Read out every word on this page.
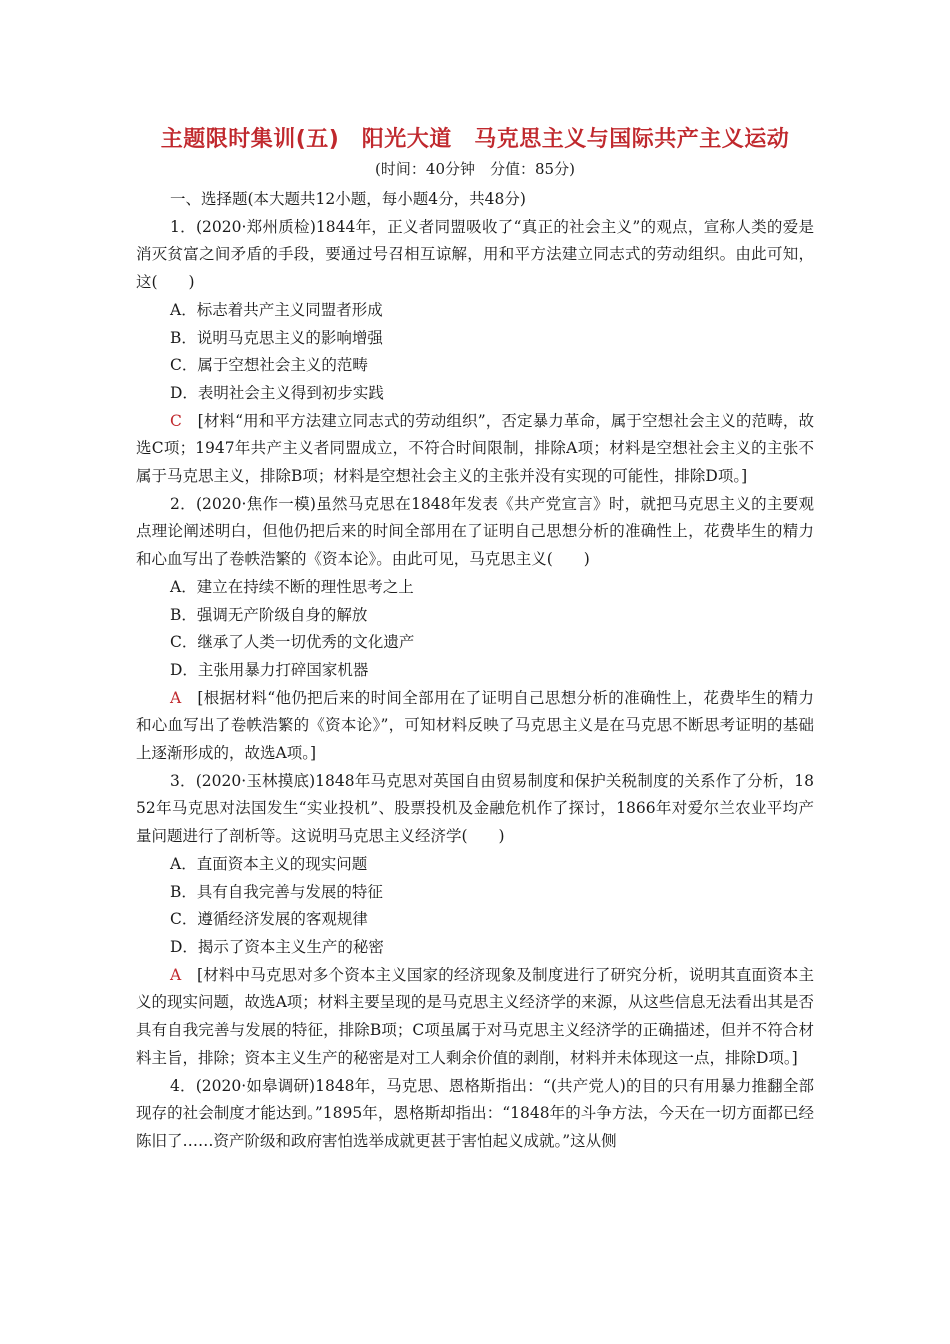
主题限时集训(五)　阳光大道　马克思主义与国际共产主义运动
(时间：40分钟　分值：85分)

一、选择题(本大题共12小题，每小题4分，共48分)

1．(2020·郑州质检)1844年，正义者同盟吸收了“真正的社会主义”的观点，宣称人类的爱是消灭贫富之间矛盾的手段，要通过号召相互谅解，用和平方法建立同志式的劳动组织。由此可知，这(　　)

A．标志着共产主义同盟者形成

B．说明马克思主义的影响增强

C．属于空想社会主义的范畴

D．表明社会主义得到初步实践

C　 [材料“用和平方法建立同志式的劳动组织”，否定暴力革命，属于空想社会主义的范畴，故选C项；1947年共产主义者同盟成立，不符合时间限制，排除A项；材料是空想社会主义的主张不属于马克思主义，排除B项；材料是空想社会主义的主张并没有实现的可能性，排除D项。]

2．(2020·焦作一模)虽然马克思在1848年发表《共产党宣言》时，就把马克思主义的主要观点理论阐述明白，但他仍把后来的时间全部用在了证明自己思想分析的准确性上，花费毕生的精力和心血写出了卷帙浩繁的《资本论》。由此可见，马克思主义(　　)

A．建立在持续不断的理性思考之上

B．强调无产阶级自身的解放

C．继承了人类一切优秀的文化遗产

D．主张用暴力打碎国家机器

A　 [根据材料“他仍把后来的时间全部用在了证明自己思想分析的准确性上，花费毕生的精力和心血写出了卷帙浩繁的《资本论》”，可知材料反映了马克思主义是在马克思不断思考证明的基础上逐渐形成的，故选A项。]

3．(2020·玉林摸底)1848年马克思对英国自由贸易制度和保护关税制度的关系作了分析，1852年马克思对法国发生“实业投机”、股票投机及金融危机作了探讨，1866年对爱尔兰农业平均产量问题进行了剖析等。这说明马克思主义经济学(　　)

A．直面资本主义的现实问题

B．具有自我完善与发展的特征

C．遵循经济发展的客观规律

D．揭示了资本主义生产的秘密

A　 [材料中马克思对多个资本主义国家的经济现象及制度进行了研究分析，说明其直面资本主义的现实问题，故选A项；材料主要呈现的是马克思主义经济学的来源，从这些信息无法看出其是否具有自我完善与发展的特征，排除B项；C项虽属于对马克思主义经济学的正确描述，但并不符合材料主旨，排除；资本主义生产的秘密是对工人剩余价值的剥削，材料并未体现这一点，排除D项。]

4．(2020·如皋调研)1848年，马克思、恩格斯指出：“(共产党人)的目的只有用暴力推翻全部现存的社会制度才能达到。”1895年，恩格斯却指出：“1848年的斗争方法，今天在一切方面都已经陈旧了……资产阶级和政府害怕选举成就更甚于害怕起义成就。”这从侧
